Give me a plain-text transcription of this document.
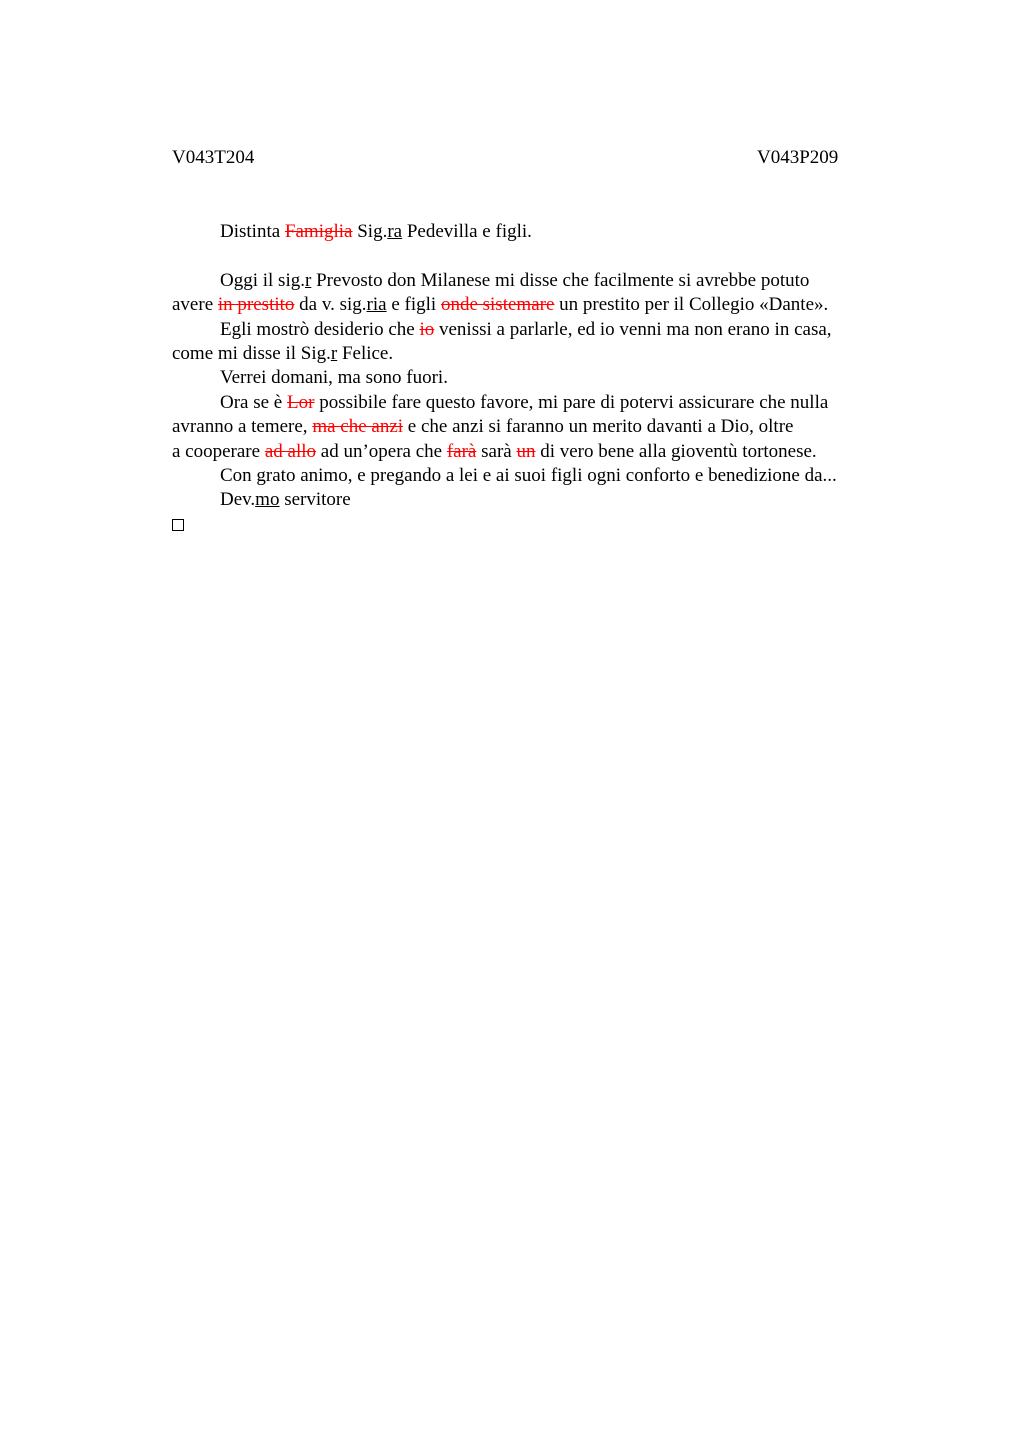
V043T204	V043P209
Distinta Famiglia Sig.ra Pedevilla e figli.
Oggi il sig.r Prevosto don Milanese mi disse che facilmente si avrebbe potuto
avere in prestito da v. sig.ria e figli onde sistemare un prestito per il Collegio «Dante».
Egli mostrò desiderio che io venissi a parlarle, ed io venni ma non erano in casa,
come mi disse il Sig.r Felice.
Verrei domani, ma sono fuori.
Ora se è Lor possibile fare questo favore, mi pare di potervi assicurare che nulla
avranno a temere, ma che anzi e che anzi si faranno un merito davanti a Dio, oltre
a cooperare ad allo ad un’opera che farà sarà un di vero bene alla gioventù tortonese.
Con grato animo, e pregando a lei e ai suoi figli ogni conforto e benedizione da...
Dev.mo servitore
